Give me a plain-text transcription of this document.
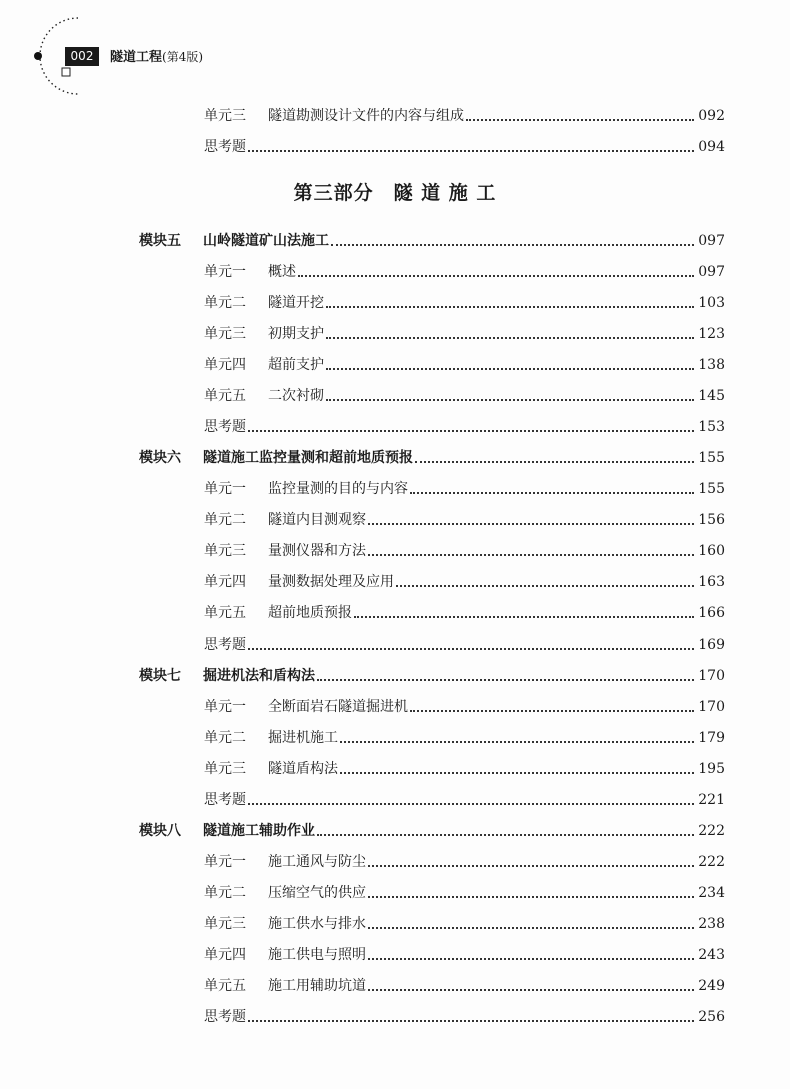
002	隧道工程(第4版)
单元三 隧道勘测设计文件的内容与组成	092
思考题	094
第三部分　隧 道 施 工
模块五 山岭隧道矿山法施工	097
单元一 概述	097
单元二 隧道开挖	103
单元三 初期支护	123
单元四 超前支护	138
单元五 二次衬砌	145
思考题	153
模块六 隧道施工监控量测和超前地质预报	155
单元一 监控量测的目的与内容	155
单元二 隧道内目测观察	156
单元三 量测仪器和方法	160
单元四 量测数据处理及应用	163
单元五 超前地质预报	166
思考题	169
模块七 掘进机法和盾构法	170
单元一 全断面岩石隧道掘进机	170
单元二 掘进机施工	179
单元三 隧道盾构法	195
思考题	221
模块八 隧道施工辅助作业	222
单元一 施工通风与防尘	222
单元二 压缩空气的供应	234
单元三 施工供水与排水	238
单元四 施工供电与照明	243
单元五 施工用辅助坑道	249
思考题	256
